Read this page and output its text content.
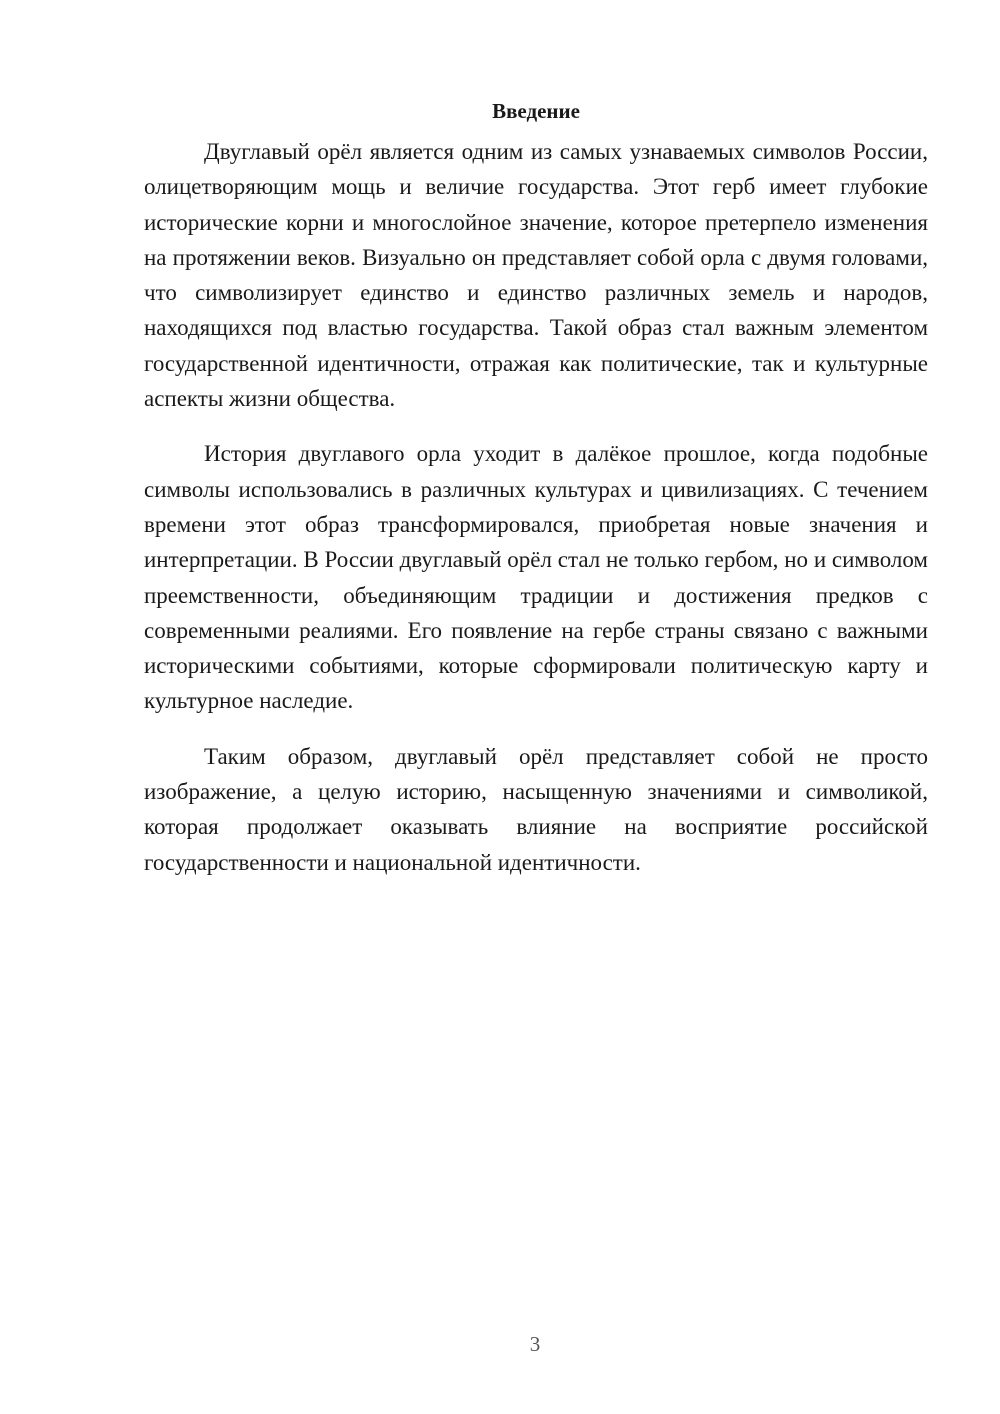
Введение

Двуглавый орёл является одним из самых узнаваемых символов России, олицетворяющим мощь и величие государства. Этот герб имеет глубокие исторические корни и многослойное значение, которое претерпело изменения на протяжении веков. Визуально он представляет собой орла с двумя головами, что символизирует единство и единство различных земель и народов, находящихся под властью государства. Такой образ стал важным элементом государственной идентичности, отражая как политические, так и культурные аспекты жизни общества.

История двуглавого орла уходит в далёкое прошлое, когда подобные символы использовались в различных культурах и цивилизациях. С течением времени этот образ трансформировался, приобретая новые значения и интерпретации. В России двуглавый орёл стал не только гербом, но и символом преемственности, объединяющим традиции и достижения предков с современными реалиями. Его появление на гербе страны связано с важными историческими событиями, которые сформировали политическую карту и культурное наследие.

Таким образом, двуглавый орёл представляет собой не просто изображение, а целую историю, насыщенную значениями и символикой, которая продолжает оказывать влияние на восприятие российской государственности и национальной идентичности.

3
